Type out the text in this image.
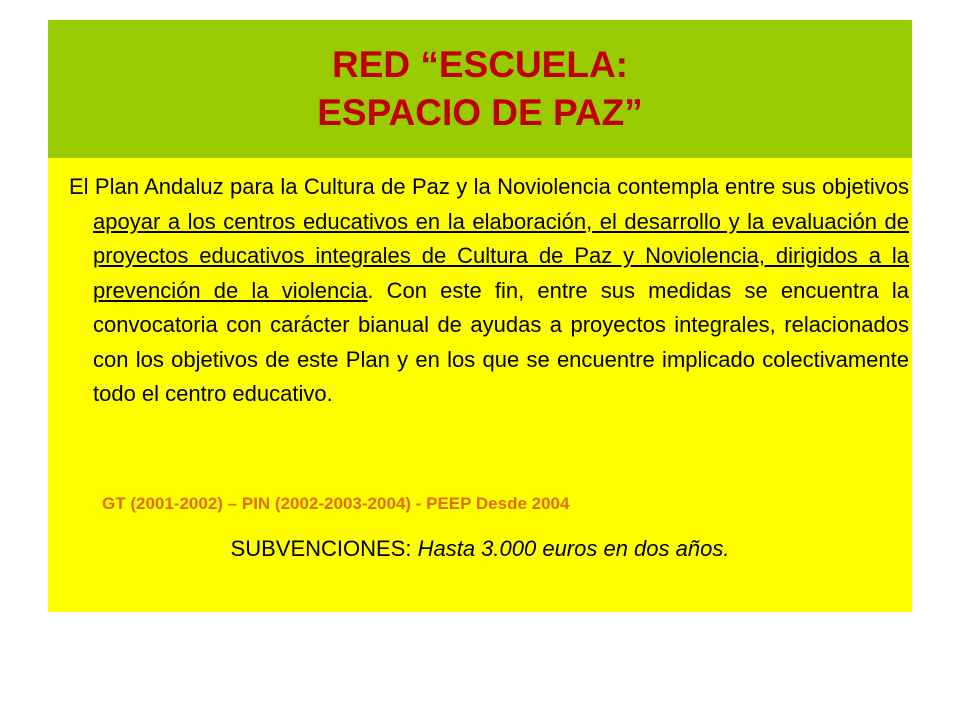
RED “ESCUELA:
ESPACIO DE PAZ”

El Plan Andaluz para la Cultura de Paz y la Noviolencia contempla entre sus objetivos apoyar a los centros educativos en la elaboración, el desarrollo y la evaluación de proyectos educativos integrales de Cultura de Paz y Noviolencia, dirigidos a la prevención de la violencia. Con este fin, entre sus medidas se encuentra la convocatoria con carácter bianual de ayudas a proyectos integrales, relacionados con los objetivos de este Plan y en los que se encuentre implicado colectivamente todo el centro educativo.

GT (2001-2002) – PIN (2002-2003-2004) - PEEP Desde 2004
SUBVENCIONES: Hasta 3.000 euros en dos años.
